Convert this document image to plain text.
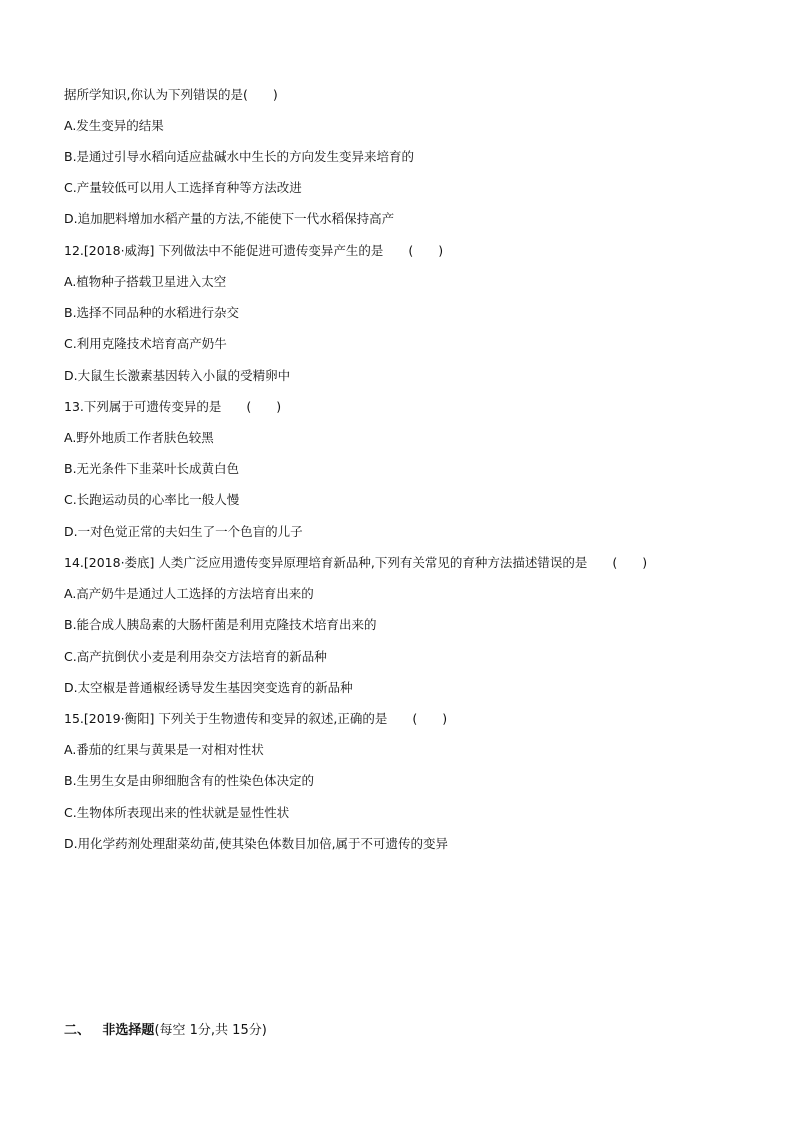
据所学知识,你认为下列错误的是(　　)
A.发生变异的结果
B.是通过引导水稻向适应盐碱水中生长的方向发生变异来培育的
C.产量较低可以用人工选择育种等方法改进
D.追加肥料增加水稻产量的方法,不能使下一代水稻保持高产
12.[2018·威海] 下列做法中不能促进可遗传变异产生的是　　(　　)
A.植物种子搭载卫星进入太空
B.选择不同品种的水稻进行杂交
C.利用克隆技术培育高产奶牛
D.大鼠生长激素基因转入小鼠的受精卵中
13.下列属于可遗传变异的是　　(　　)
A.野外地质工作者肤色较黑
B.无光条件下韭菜叶长成黄白色
C.长跑运动员的心率比一般人慢
D.一对色觉正常的夫妇生了一个色盲的儿子
14.[2018·娄底] 人类广泛应用遗传变异原理培育新品种,下列有关常见的育种方法描述错误的是　　(　　)
A.高产奶牛是通过人工选择的方法培育出来的
B.能合成人胰岛素的大肠杆菌是利用克隆技术培育出来的
C.高产抗倒伏小麦是利用杂交方法培育的新品种
D.太空椒是普通椒经诱导发生基因突变选育的新品种
15.[2019·衡阳] 下列关于生物遗传和变异的叙述,正确的是　　(　　)
A.番茄的红果与黄果是一对相对性状
B.生男生女是由卵细胞含有的性染色体决定的
C.生物体所表现出来的性状就是显性性状
D.用化学药剂处理甜菜幼苗,使其染色体数目加倍,属于不可遗传的变异
二、 非选择题(每空 1分,共 15分)
